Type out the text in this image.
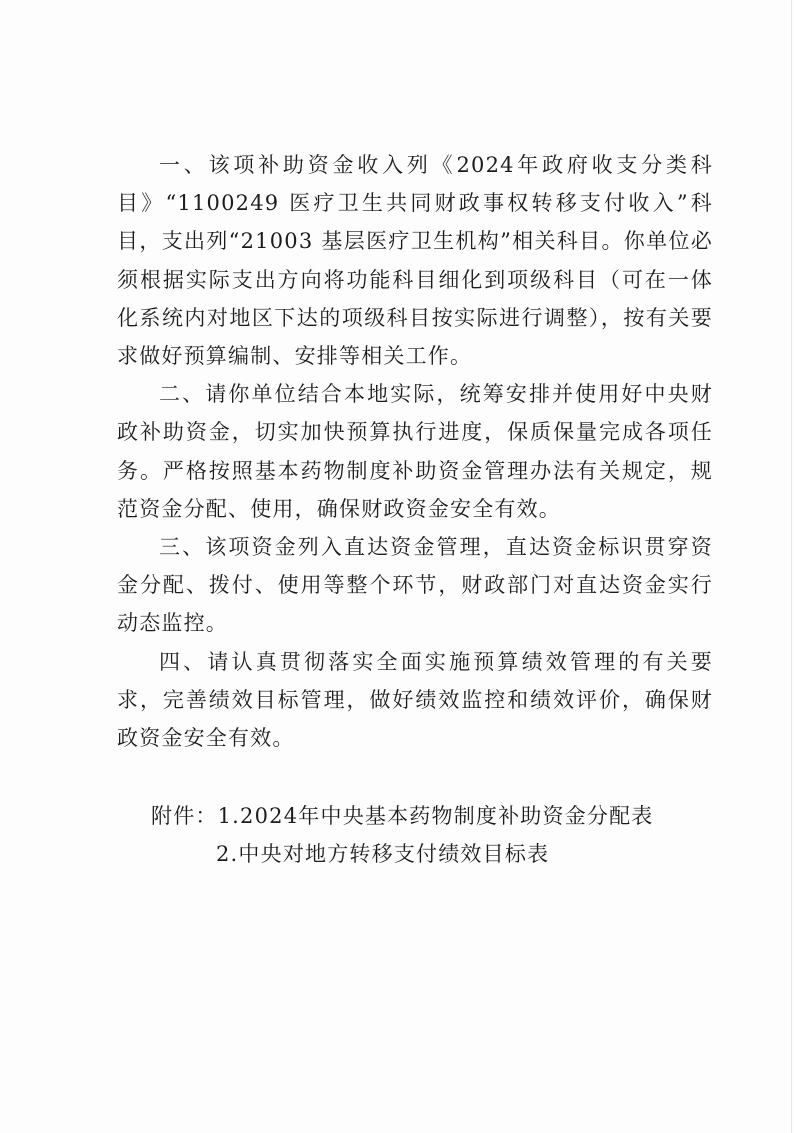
一、该项补助资金收入列《2024年政府收支分类科目》“1100249 医疗卫生共同财政事权转移支付收入”科目，支出列“21003 基层医疗卫生机构”相关科目。你单位必须根据实际支出方向将功能科目细化到项级科目（可在一体化系统内对地区下达的项级科目按实际进行调整），按有关要求做好预算编制、安排等相关工作。

二、请你单位结合本地实际，统筹安排并使用好中央财政补助资金，切实加快预算执行进度，保质保量完成各项任务。严格按照基本药物制度补助资金管理办法有关规定，规范资金分配、使用，确保财政资金安全有效。

三、该项资金列入直达资金管理，直达资金标识贯穿资金分配、拨付、使用等整个环节，财政部门对直达资金实行动态监控。

四、请认真贯彻落实全面实施预算绩效管理的有关要求，完善绩效目标管理，做好绩效监控和绩效评价，确保财政资金安全有效。

附件： 1.2024年中央基本药物制度补助资金分配表
2.中央对地方转移支付绩效目标表
